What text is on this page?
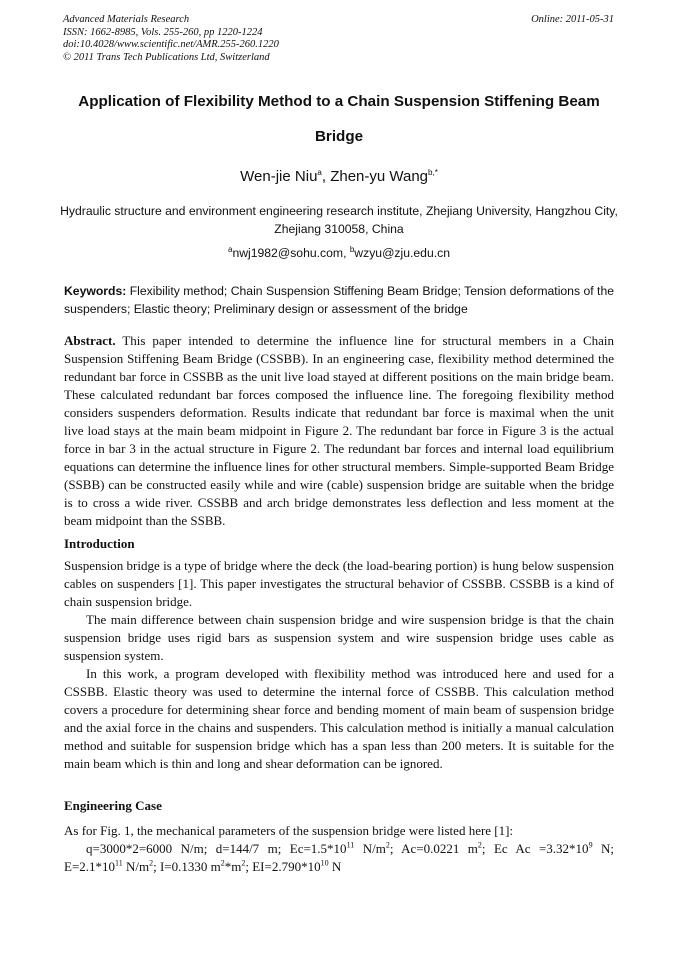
Advanced Materials Research
ISSN: 1662-8985, Vols. 255-260, pp 1220-1224
doi:10.4028/www.scientific.net/AMR.255-260.1220
© 2011 Trans Tech Publications Ltd, Switzerland
Online: 2011-05-31
Application of Flexibility Method to a Chain Suspension Stiffening Beam
Bridge
Wen-jie Niu$^a$, Zhen-yu Wang$^{b,*}$
Hydraulic structure and environment engineering research institute, Zhejiang University, Hangzhou City, Zhejiang 310058, China
$^a$nwj1982@sohu.com, $^b$wzyu@zju.edu.cn
Keywords: Flexibility method; Chain Suspension Stiffening Beam Bridge; Tension deformations of the suspenders; Elastic theory; Preliminary design or assessment of the bridge
Abstract. This paper intended to determine the influence line for structural members in a Chain Suspension Stiffening Beam Bridge (CSSBB). In an engineering case, flexibility method determined the redundant bar force in CSSBB as the unit live load stayed at different positions on the main bridge beam. These calculated redundant bar forces composed the influence line. The foregoing flexibility method considers suspenders deformation. Results indicate that redundant bar force is maximal when the unit live load stays at the main beam midpoint in Figure 2. The redundant bar force in Figure 3 is the actual force in bar 3 in the actual structure in Figure 2. The redundant bar forces and internal load equilibrium equations can determine the influence lines for other structural members. Simple-supported Beam Bridge (SSBB) can be constructed easily while and wire (cable) suspension bridge are suitable when the bridge is to cross a wide river. CSSBB and arch bridge demonstrates less deflection and less moment at the beam midpoint than the SSBB.
Introduction

Suspension bridge is a type of bridge where the deck (the load-bearing portion) is hung below suspension cables on suspenders [1]. This paper investigates the structural behavior of CSSBB. CSSBB is a kind of chain suspension bridge.

The main difference between chain suspension bridge and wire suspension bridge is that the chain suspension bridge uses rigid bars as suspension system and wire suspension bridge uses cable as suspension system.

In this work, a program developed with flexibility method was introduced here and used for a CSSBB. Elastic theory was used to determine the internal force of CSSBB. This calculation method covers a procedure for determining shear force and bending moment of main beam of suspension bridge and the axial force in the chains and suspenders. This calculation method is initially a manual calculation method and suitable for suspension bridge which has a span less than 200 meters. It is suitable for the main beam which is thin and long and shear deformation can be ignored.

Engineering Case

As for Fig. 1, the mechanical parameters of the suspension bridge were listed here [1]:

q=3000*2=6000 N/m; d=144/7 m; $Ec=1.5*10^{11}$ $N/m^2$; Ac=0.0221 $m^2$; Ec $Ac =3.32*10^9$ N; $E=2.1*10^{11}$ $N/m^2$; I=0.1330 $m^2*m^2$; $EI=2.790*10^{10}$ N
